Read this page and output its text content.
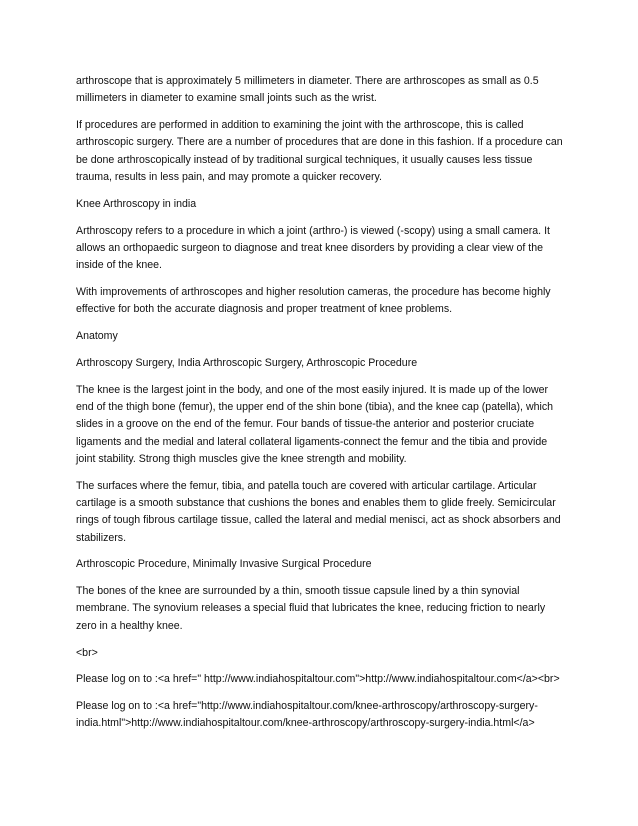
arthroscope that is approximately 5 millimeters in diameter. There are arthroscopes as small as 0.5 millimeters in diameter to examine small joints such as the wrist.

If procedures are performed in addition to examining the joint with the arthroscope, this is called arthroscopic surgery. There are a number of procedures that are done in this fashion. If a procedure can be done arthroscopically instead of by traditional surgical techniques, it usually causes less tissue trauma, results in less pain, and may promote a quicker recovery.

Knee Arthroscopy in india

Arthroscopy refers to a procedure in which a joint (arthro-) is viewed (-scopy) using a small camera. It allows an orthopaedic surgeon to diagnose and treat knee disorders by providing a clear view of the inside of the knee.

With improvements of arthroscopes and higher resolution cameras, the procedure has become highly effective for both the accurate diagnosis and proper treatment of knee problems.

Anatomy

Arthroscopy Surgery, India Arthroscopic Surgery, Arthroscopic Procedure

The knee is the largest joint in the body, and one of the most easily injured. It is made up of the lower end of the thigh bone (femur), the upper end of the shin bone (tibia), and the knee cap (patella), which slides in a groove on the end of the femur. Four bands of tissue-the anterior and posterior cruciate ligaments and the medial and lateral collateral ligaments-connect the femur and the tibia and provide joint stability. Strong thigh muscles give the knee strength and mobility.

The surfaces where the femur, tibia, and patella touch are covered with articular cartilage. Articular cartilage is a smooth substance that cushions the bones and enables them to glide freely. Semicircular rings of tough fibrous cartilage tissue, called the lateral and medial menisci, act as shock absorbers and stabilizers.

Arthroscopic Procedure, Minimally Invasive Surgical Procedure

The bones of the knee are surrounded by a thin, smooth tissue capsule lined by a thin synovial membrane. The synovium releases a special fluid that lubricates the knee, reducing friction to nearly zero in a healthy knee.

<br>

Please log on to :<a href=" http://www.indiahospitaltour.com">http://www.indiahospitaltour.com</a><br>

Please log on to :<a href="http://www.indiahospitaltour.com/knee-arthroscopy/arthroscopy-surgery-india.html">http://www.indiahospitaltour.com/knee-arthroscopy/arthroscopy-surgery-india.html</a>
